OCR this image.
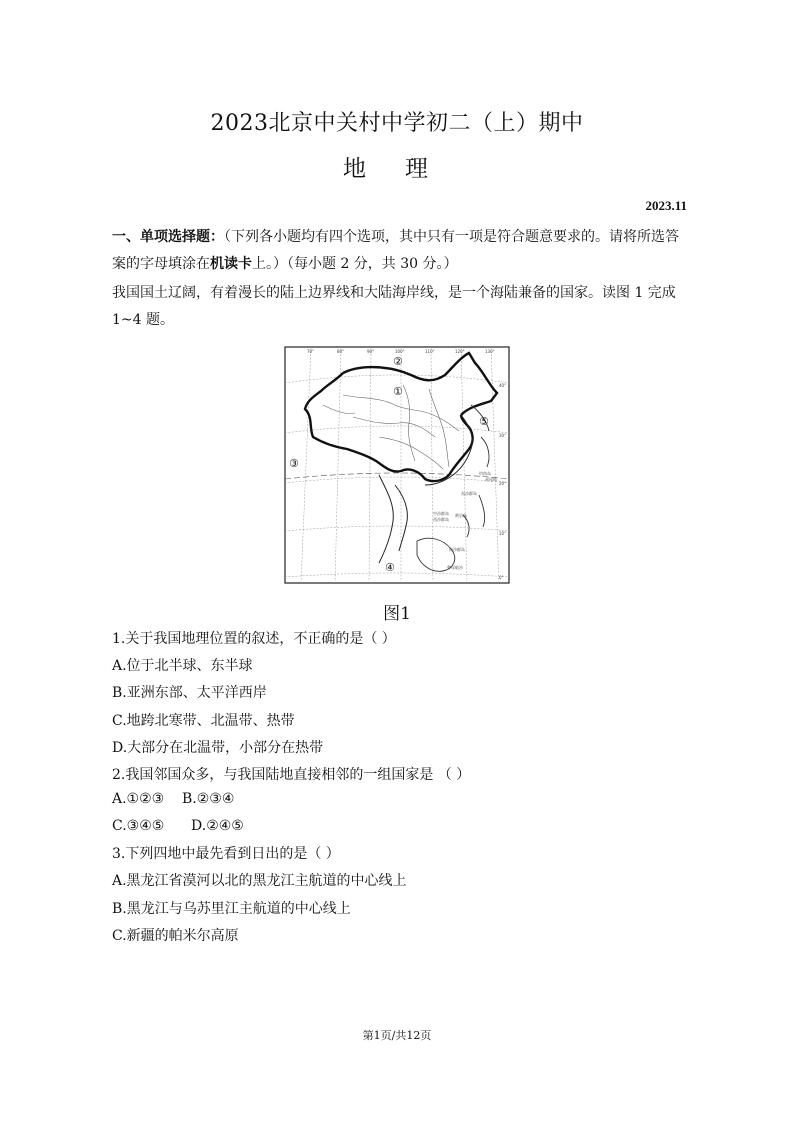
2023北京中关村中学初二（上）期中
地 理
2023.11
一、单项选择题：（下列各小题均有四个选项，其中只有一项是符合题意要求的。请将所选答案的字母填涂在机读卡上。）（每小题 2 分，共 30 分。）
我国国土辽阔，有着漫长的陆上边界线和大陆海岸线，是一个海陆兼备的国家。读图 1 完成 1~4 题。
②
①
③
④
⑤
钓鱼岛
赤尾屿
东沙群岛
中沙群岛
西沙群岛
黄岩岛
南沙群岛
曾母暗沙
70°	80°	90°	100°	110°	120°	130°
40°
30°
20°
10°
0°
图1
1.关于我国地理位置的叙述，不正确的是（ ）
A.位于北半球、东半球
B.亚洲东部、太平洋西岸
C.地跨北寒带、北温带、热带
D.大部分在北温带，小部分在热带
2.我国邻国众多，与我国陆地直接相邻的一组国家是 （ ）
A.①②③    B.②③④
C.③④⑤      D.②④⑤
3.下列四地中最先看到日出的是（ ）
A.黑龙江省漠河以北的黑龙江主航道的中心线上
B.黑龙江与乌苏里江主航道的中心线上
C.新疆的帕米尔高原
第1页/共12页
